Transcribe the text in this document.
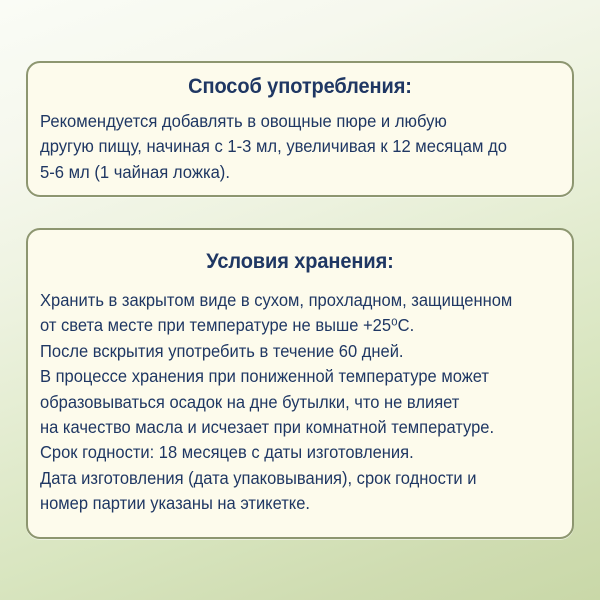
Способ употребления:
Рекомендуется добавлять в овощные пюре и любую
другую пищу, начиная с 1-3 мл, увеличивая к 12 месяцам до
5-6 мл (1 чайная ложка).
Условия хранения:
Хранить в закрытом виде в сухом, прохладном, защищенном
от света месте при температуре не выше +25⁰С.
После вскрытия употребить в течение 60 дней.
В процессе хранения при пониженной температуре может
образовываться осадок на дне бутылки, что не влияет
на качество масла и исчезает при комнатной температуре.
Срок годности: 18 месяцев с даты изготовления.
Дата изготовления (дата упаковывания), срок годности и
номер партии указаны на этикетке.
